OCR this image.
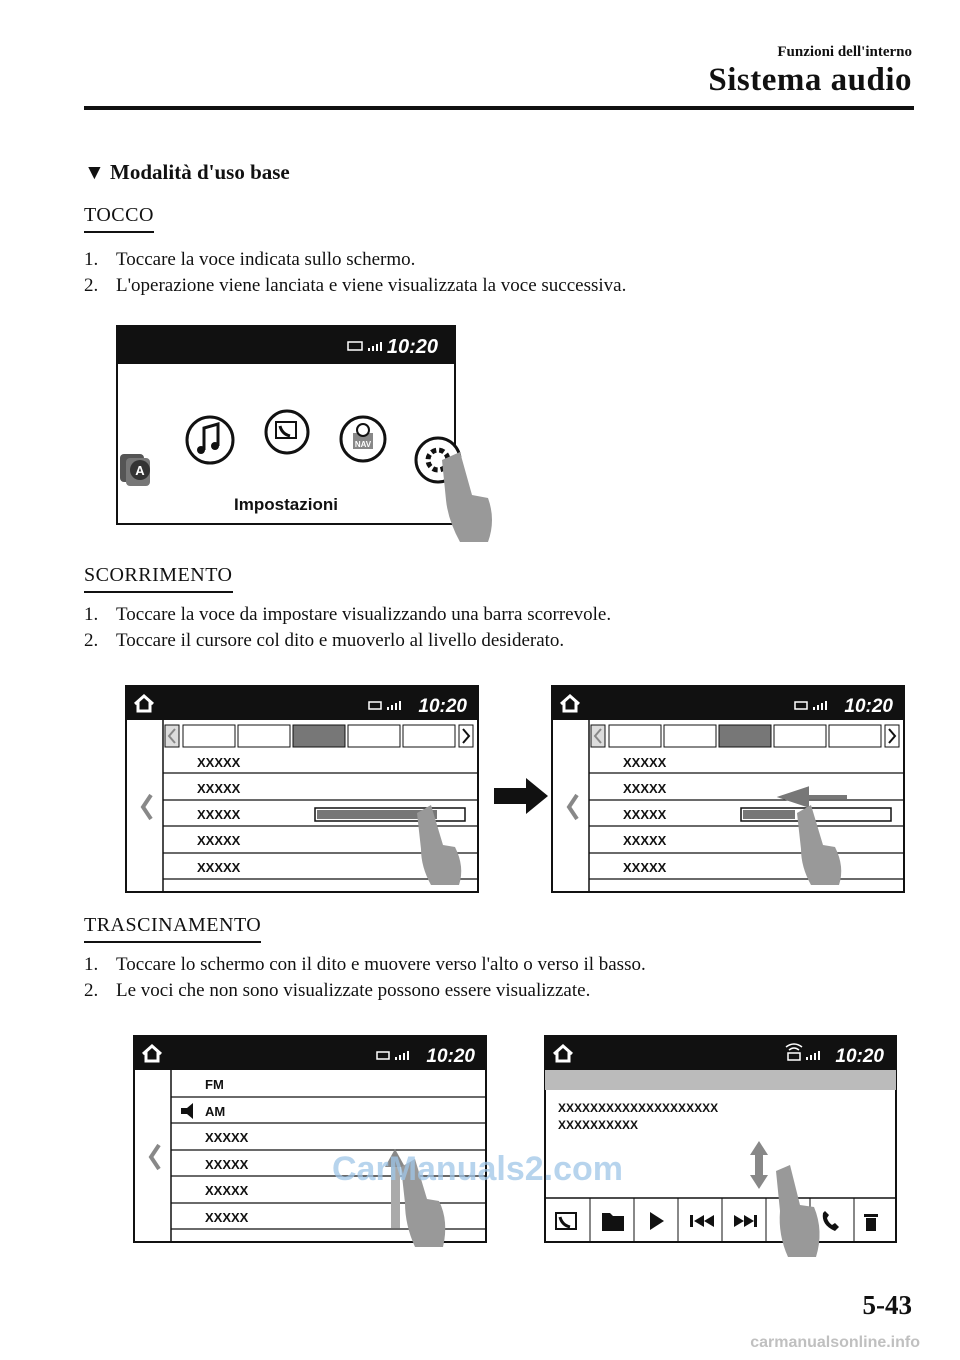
Funzioni dell'interno
Sistema audio
▼ Modalità d'uso base
TOCCO
1. Toccare la voce indicata sullo schermo.
2. L'operazione viene lanciata e viene visualizzata la voce successiva.
10:20
A
NAV
Impostazioni
SCORRIMENTO
1. Toccare la voce da impostare visualizzando una barra scorrevole.
2. Toccare il cursore col dito e muoverlo al livello desiderato.
10:20
XXXXX
XXXXX
XXXXX
XXXXX
XXXXX
10:20
XXXXX
XXXXX
XXXXX
XXXXX
XXXXX
TRASCINAMENTO
1. Toccare lo schermo con il dito e muovere verso l'alto o verso il basso.
2. Le voci che non sono visualizzate possono essere visualizzate.
10:20
FM
AM
XXXXX
XXXXX
XXXXX
XXXXX
10:20
XXXXXXXXXXXXXXXXXXXX
XXXXXXXXXX
CarManuals2.com
5-43
carmanualsonline.info
